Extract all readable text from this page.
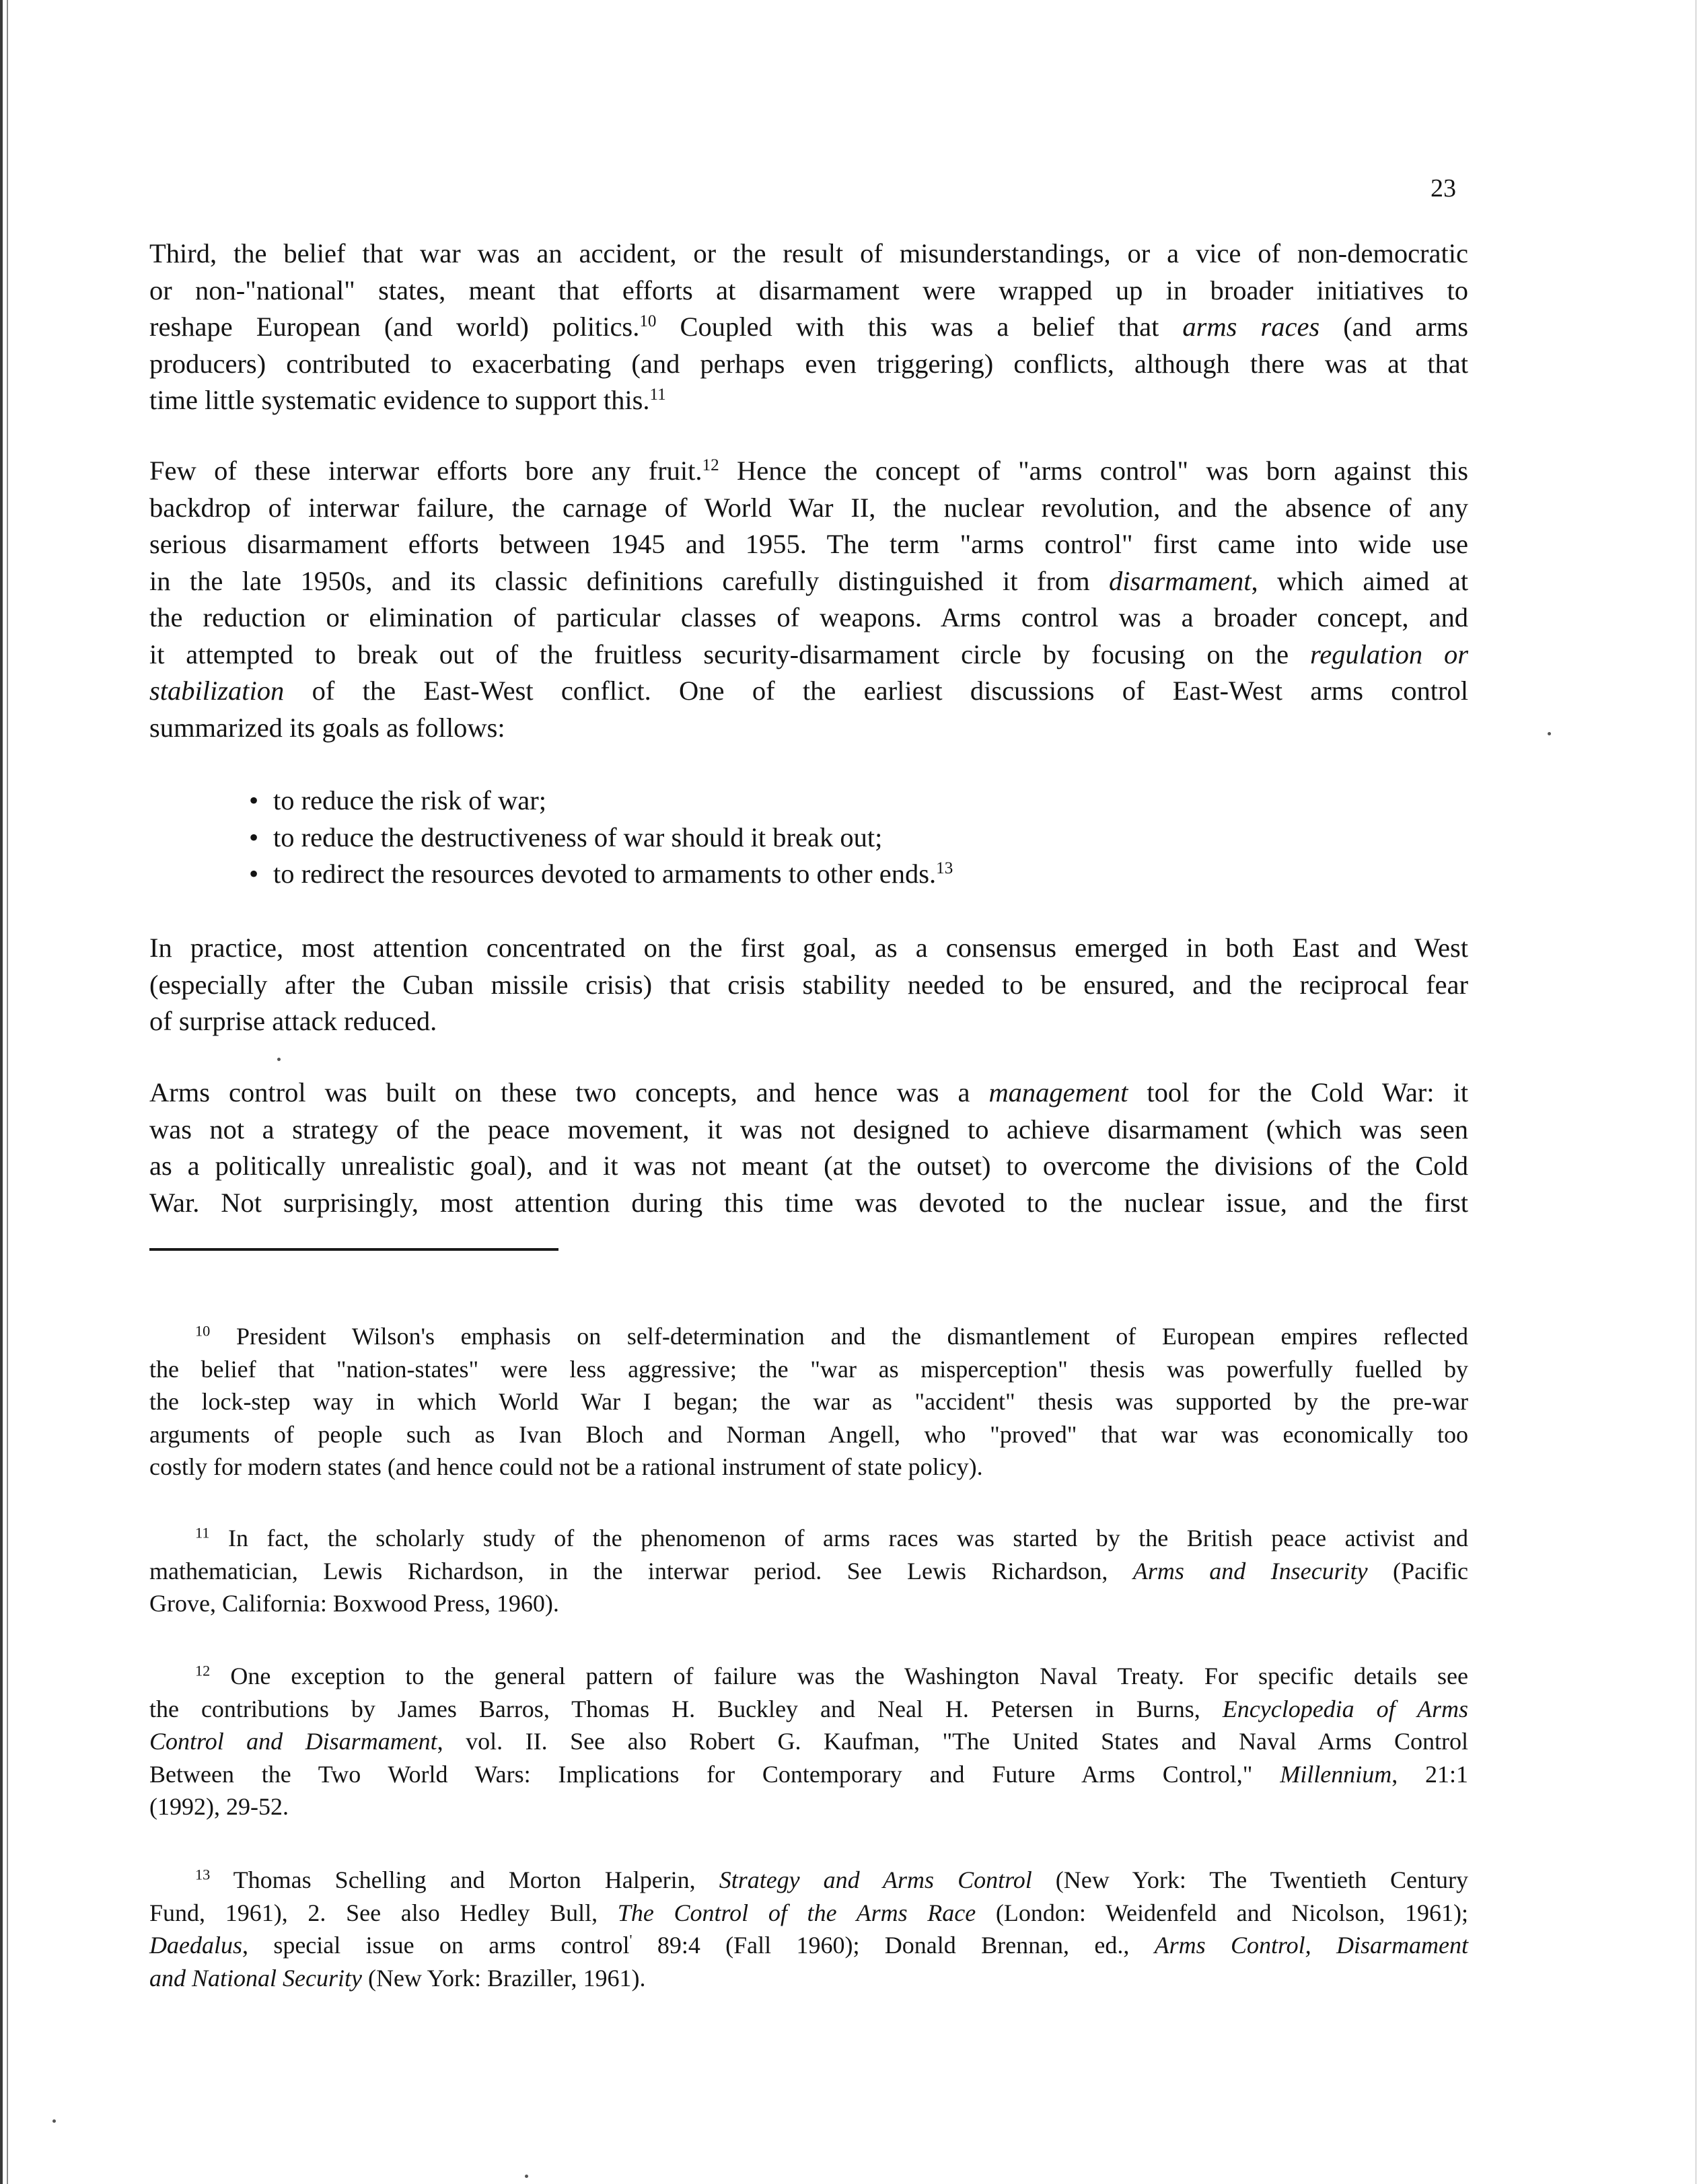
23
Third, the belief that war was an accident, or the result of misunderstandings, or a vice of non-democratic
or non-"national" states, meant that efforts at disarmament were wrapped up in broader initiatives to
reshape European (and world) politics.$^{10}$ Coupled with this was a belief that arms races (and arms
producers) contributed to exacerbating (and perhaps even triggering) conflicts, although there was at that
time little systematic evidence to support this.$^{11}$
Few of these interwar efforts bore any fruit.$^{12}$ Hence the concept of "arms control" was born against this
backdrop of interwar failure, the carnage of World War II, the nuclear revolution, and the absence of any
serious disarmament efforts between 1945 and 1955. The term "arms control" first came into wide use
in the late 1950s, and its classic definitions carefully distinguished it from disarmament, which aimed at
the reduction or elimination of particular classes of weapons. Arms control was a broader concept, and
it attempted to break out of the fruitless security-disarmament circle by focusing on the regulation or
stabilization of the East-West conflict. One of the earliest discussions of East-West arms control
summarized its goals as follows:
• to reduce the risk of war;
• to reduce the destructiveness of war should it break out;
• to redirect the resources devoted to armaments to other ends.$^{13}$
In practice, most attention concentrated on the first goal, as a consensus emerged in both East and West
(especially after the Cuban missile crisis) that crisis stability needed to be ensured, and the reciprocal fear
of surprise attack reduced.
Arms control was built on these two concepts, and hence was a management tool for the Cold War: it
was not a strategy of the peace movement, it was not designed to achieve disarmament (which was seen
as a politically unrealistic goal), and it was not meant (at the outset) to overcome the divisions of the Cold
War. Not surprisingly, most attention during this time was devoted to the nuclear issue, and the first
$^{10}$ President Wilson's emphasis on self-determination and the dismantlement of European empires reflected
the belief that "nation-states" were less aggressive; the "war as misperception" thesis was powerfully fuelled by
the lock-step way in which World War I began; the war as "accident" thesis was supported by the pre-war
arguments of people such as Ivan Bloch and Norman Angell, who "proved" that war was economically too
costly for modern states (and hence could not be a rational instrument of state policy).
$^{11}$ In fact, the scholarly study of the phenomenon of arms races was started by the British peace activist and
mathematician, Lewis Richardson, in the interwar period. See Lewis Richardson, Arms and Insecurity (Pacific
Grove, California: Boxwood Press, 1960).
$^{12}$ One exception to the general pattern of failure was the Washington Naval Treaty. For specific details see
the contributions by James Barros, Thomas H. Buckley and Neal H. Petersen in Burns, Encyclopedia of Arms
Control and Disarmament, vol. II. See also Robert G. Kaufman, "The United States and Naval Arms Control
Between the Two World Wars: Implications for Contemporary and Future Arms Control," Millennium, 21:1
(1992), 29-52.
$^{13}$ Thomas Schelling and Morton Halperin, Strategy and Arms Control (New York: The Twentieth Century
Fund, 1961), 2. See also Hedley Bull, The Control of the Arms Race (London: Weidenfeld and Nicolson, 1961);
Daedalus, special issue on arms control' 89:4 (Fall 1960); Donald Brennan, ed., Arms Control, Disarmament
and National Security (New York: Braziller, 1961).
